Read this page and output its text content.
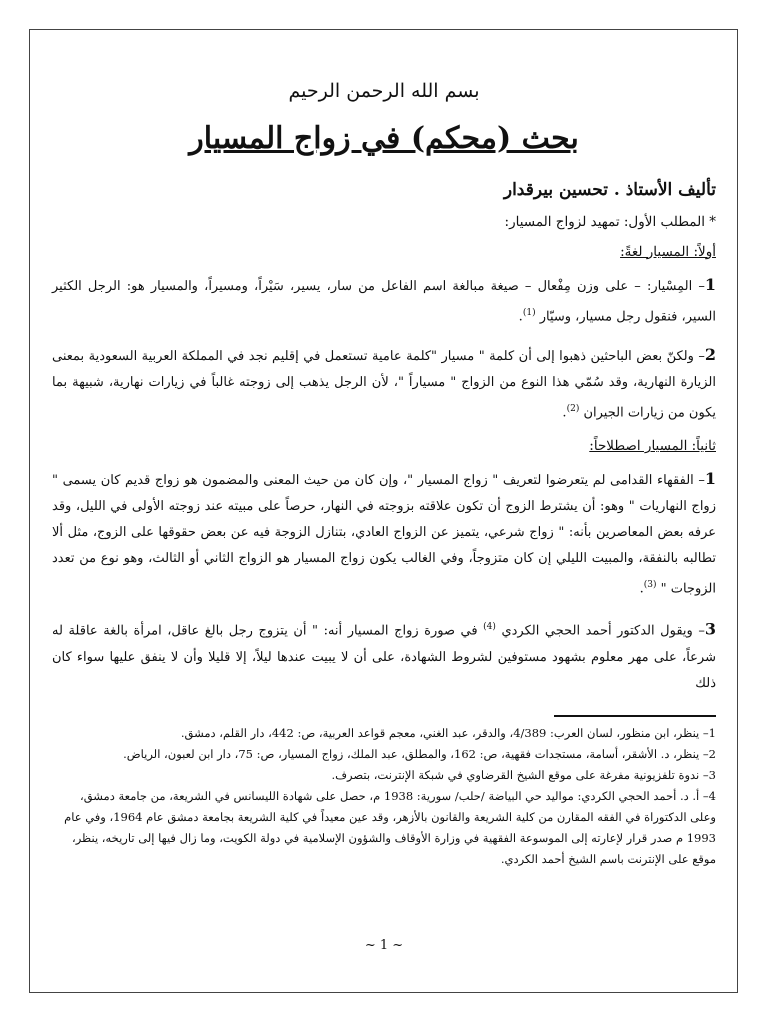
بسم الله الرحمن الرحيم

بحث (محكم) في زواج المسيار

تأليف الأستاذ . تحسين بيرقدار

* المطلب الأول: تمهيد لزواج المسيار:

أولاً: المسيار لغةً:

1– المِسْيار: – على وزن مِفْعال – صيغة مبالغة اسم الفاعل من سار، يسير، سَيْراً، ومسيراً، والمسيار هو: الرجل الكثير السير، فنقول رجل مسيار، وسيّار $^{(1)}$.

2– ولكنّ بعض الباحثين ذهبوا إلى أن كلمة " مسيار "كلمة عامية تستعمل في إقليم نجد في المملكة العربية السعودية بمعنى الزيارة النهارية، وقد سُمّي هذا النوع من الزواج " مسياراً "، لأن الرجل يذهب إلى زوجته غالباً في زيارات نهارية، شبيهة بما يكون من زيارات الجيران $^{(2)}$.

ثانياً: المسيار اصطلاحاً:

1– الفقهاء القدامى لم يتعرضوا لتعريف " زواج المسيار "، وإن كان من حيث المعنى والمضمون هو زواج قديم كان يسمى " زواج النهاريات " وهو: أن يشترط الزوج أن تكون علاقته بزوجته في النهار، حرصاً على مبيته عند زوجته الأولى في الليل، وقد عرفه بعض المعاصرين بأنه: " زواج شرعي، يتميز عن الزواج العادي، بتنازل الزوجة فيه عن بعض حقوقها على الزوج، مثل ألا تطالبه بالنفقة، والمبيت الليلي إن كان متزوجاً، وفي الغالب يكون زواج المسيار هو الزواج الثاني أو الثالث، وهو نوع من تعدد الزوجات " $^{(3)}$.

3– ويقول الدكتور أحمد الحجي الكردي $^{(4)}$ في صورة زواج المسيار أنه: " أن يتزوج رجل بالغ عاقل، امرأة بالغة عاقلة له شرعاً، على مهر معلوم بشهود مستوفين لشروط الشهادة، على أن لا يبيت عندها ليلاً، إلا قليلا وأن لا ينفق عليها سواء كان ذلك

1– ينظر، ابن منظور، لسان العرب: 4/389، والدقر، عبد الغني، معجم قواعد العربية، ص: 442، دار القلم، دمشق.

2– ينظر، د. الأشقر، أسامة، مستجدات فقهية، ص: 162، والمطلق، عبد الملك، زواج المسيار، ص: 75، دار ابن لعبون، الرياض.

3– ندوة تلفزيونية مفرغة على موقع الشيخ القرضاوي في شبكة الإنترنت، بتصرف.

4– أ. د. أحمد الحجي الكردي: مواليد حي البياضة /حلب/ سورية: 1938 م، حصل على شهادة الليسانس في الشريعة، من جامعة دمشق، وعلى الدكتوراة في الفقه المقارن من كلية الشريعة والقانون بالأزهر، وقد عين معيداً في كلية الشريعة بجامعة دمشق عام 1964، وفي عام 1993 م صدر قرار لإعارته إلى الموسوعة الفقهية في وزارة الأوقاف والشؤون الإسلامية في دولة الكويت، وما زال فيها إلى تاريخه، ينظر، موقع على الإنترنت باسم الشيخ أحمد الكردي.

~ 1 ~
